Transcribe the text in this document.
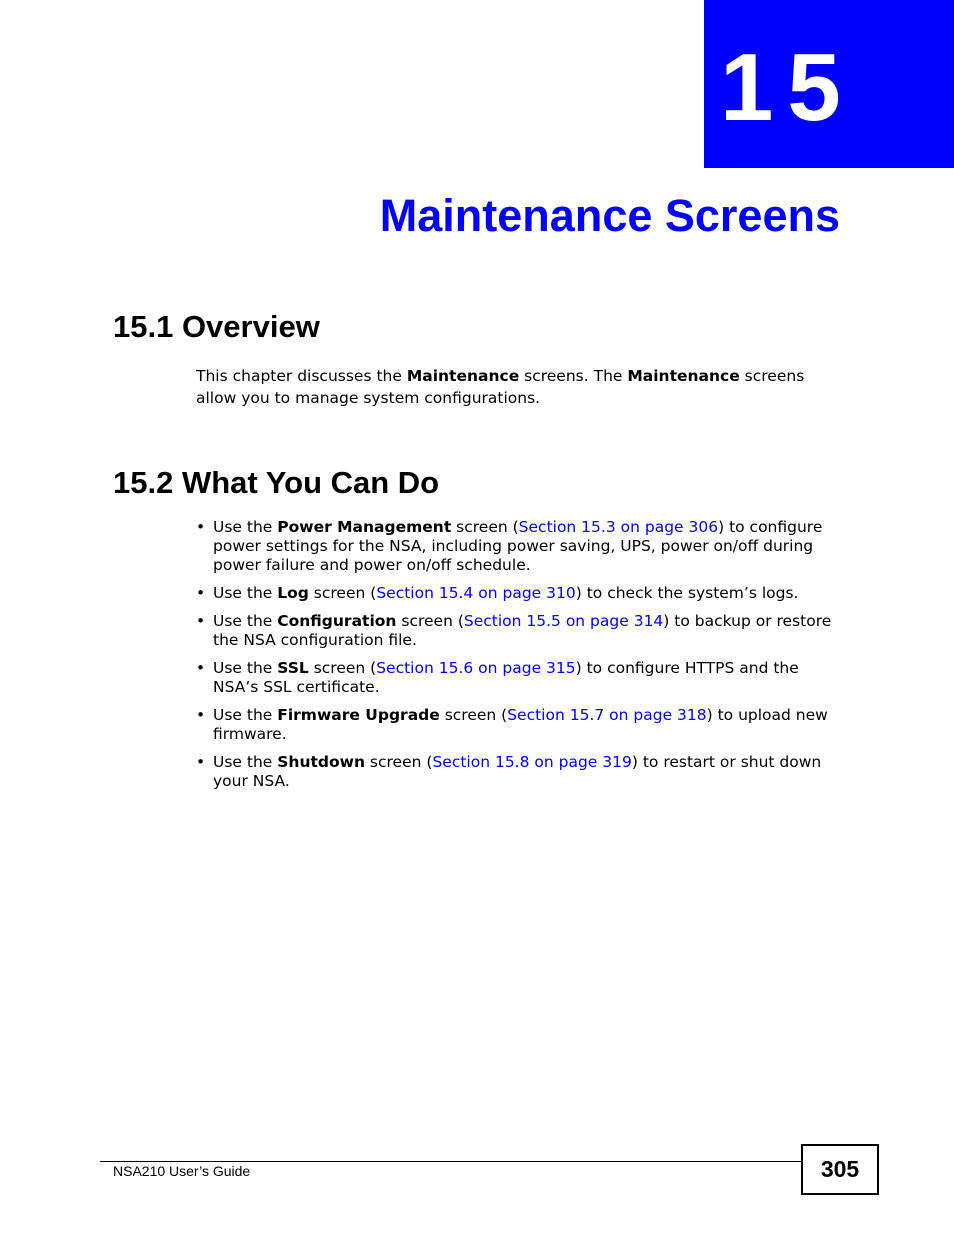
15
Maintenance Screens
15.1 Overview
This chapter discusses the Maintenance screens. The Maintenance screens allow you to manage system configurations.
15.2 What You Can Do
• Use the Power Management screen (Section 15.3 on page 306) to configure power settings for the NSA, including power saving, UPS, power on/off during power failure and power on/off schedule.
• Use the Log screen (Section 15.4 on page 310) to check the system’s logs.
• Use the Configuration screen (Section 15.5 on page 314) to backup or restore the NSA configuration file.
• Use the SSL screen (Section 15.6 on page 315) to configure HTTPS and the NSA’s SSL certificate.
• Use the Firmware Upgrade screen (Section 15.7 on page 318) to upload new firmware.
• Use the Shutdown screen (Section 15.8 on page 319) to restart or shut down your NSA.
NSA210 User’s Guide	305
